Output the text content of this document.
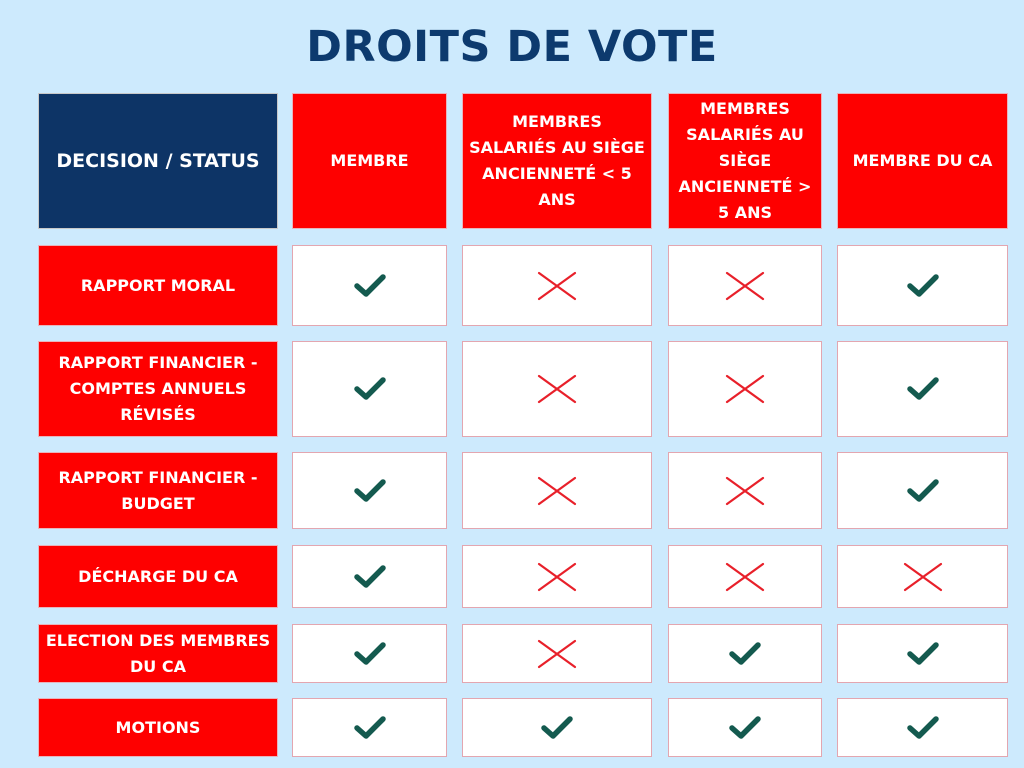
DROITS DE VOTE
DECISION / STATUS	MEMBRE
MEMBRES SALARIÉS AU SIÈGE ANCIENNETÉ < 5 ANS
MEMBRES SALARIÉS AU SIÈGE ANCIENNETÉ > 5 ANS
MEMBRE DU CA
RAPPORT MORAL
RAPPORT FINANCIER - COMPTES ANNUELS RÉVISÉS
RAPPORT FINANCIER - BUDGET
DÉCHARGE DU CA
ELECTION DES MEMBRES DU CA
MOTIONS
